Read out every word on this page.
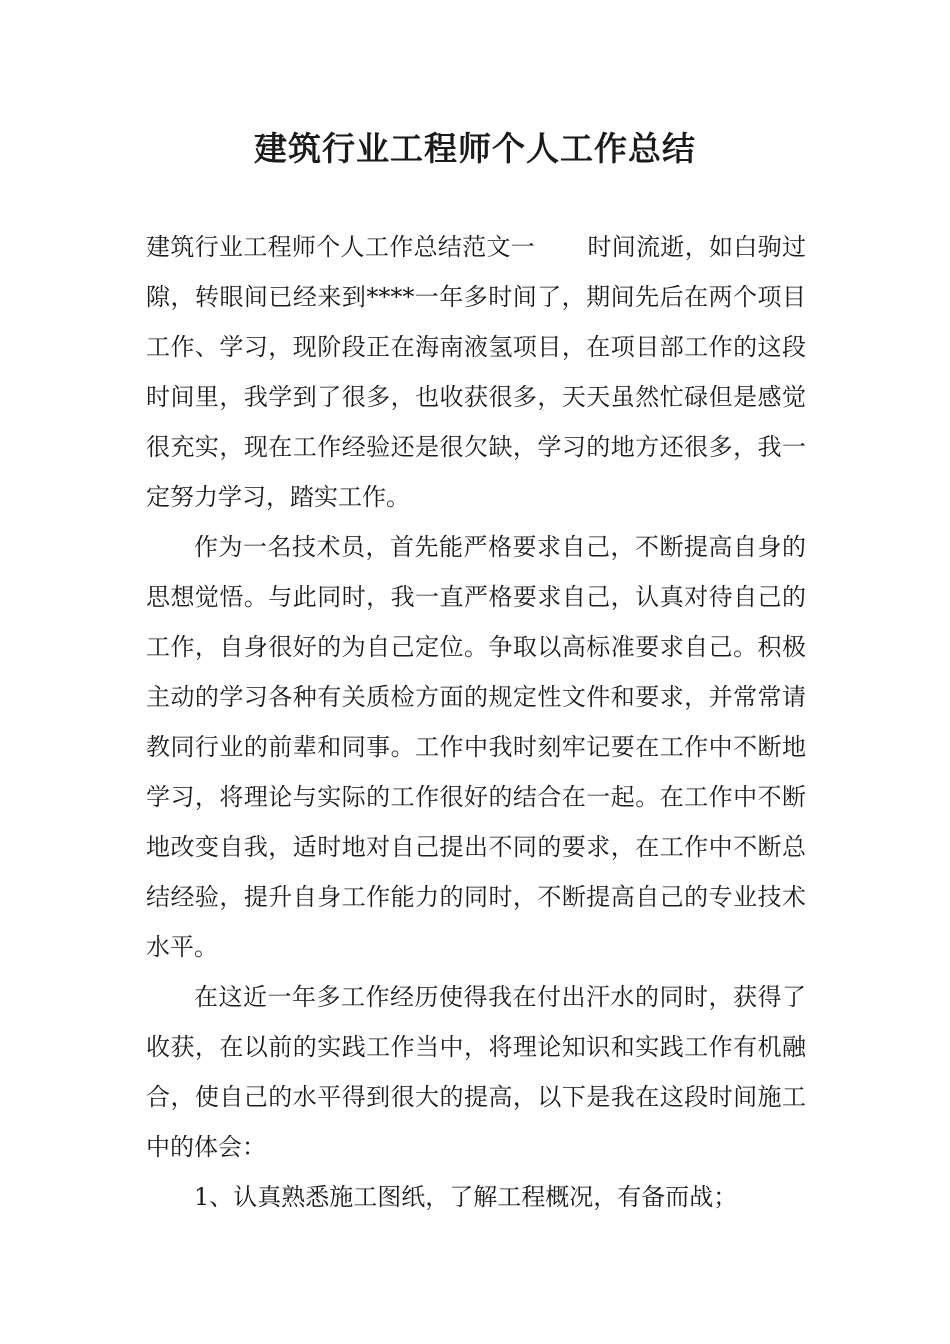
建筑行业工程师个人工作总结

建筑行业工程师个人工作总结范文一 时间流逝，如白驹过隙，转眼间已经来到****一年多时间了，期间先后在两个项目工作、学习，现阶段正在海南液氢项目，在项目部工作的这段时间里，我学到了很多，也收获很多，天天虽然忙碌但是感觉很充实，现在工作经验还是很欠缺，学习的地方还很多，我一定努力学习，踏实工作。

作为一名技术员，首先能严格要求自己，不断提高自身的思想觉悟。与此同时，我一直严格要求自己，认真对待自己的工作，自身很好的为自己定位。争取以高标准要求自己。积极主动的学习各种有关质检方面的规定性文件和要求，并常常请教同行业的前辈和同事。工作中我时刻牢记要在工作中不断地学习，将理论与实际的工作很好的结合在一起。在工作中不断地改变自我，适时地对自己提出不同的要求，在工作中不断总结经验，提升自身工作能力的同时，不断提高自己的专业技术水平。

在这近一年多工作经历使得我在付出汗水的同时，获得了收获，在以前的实践工作当中，将理论知识和实践工作有机融合，使自己的水平得到很大的提高，以下是我在这段时间施工中的体会：

1、认真熟悉施工图纸，了解工程概况，有备而战；
